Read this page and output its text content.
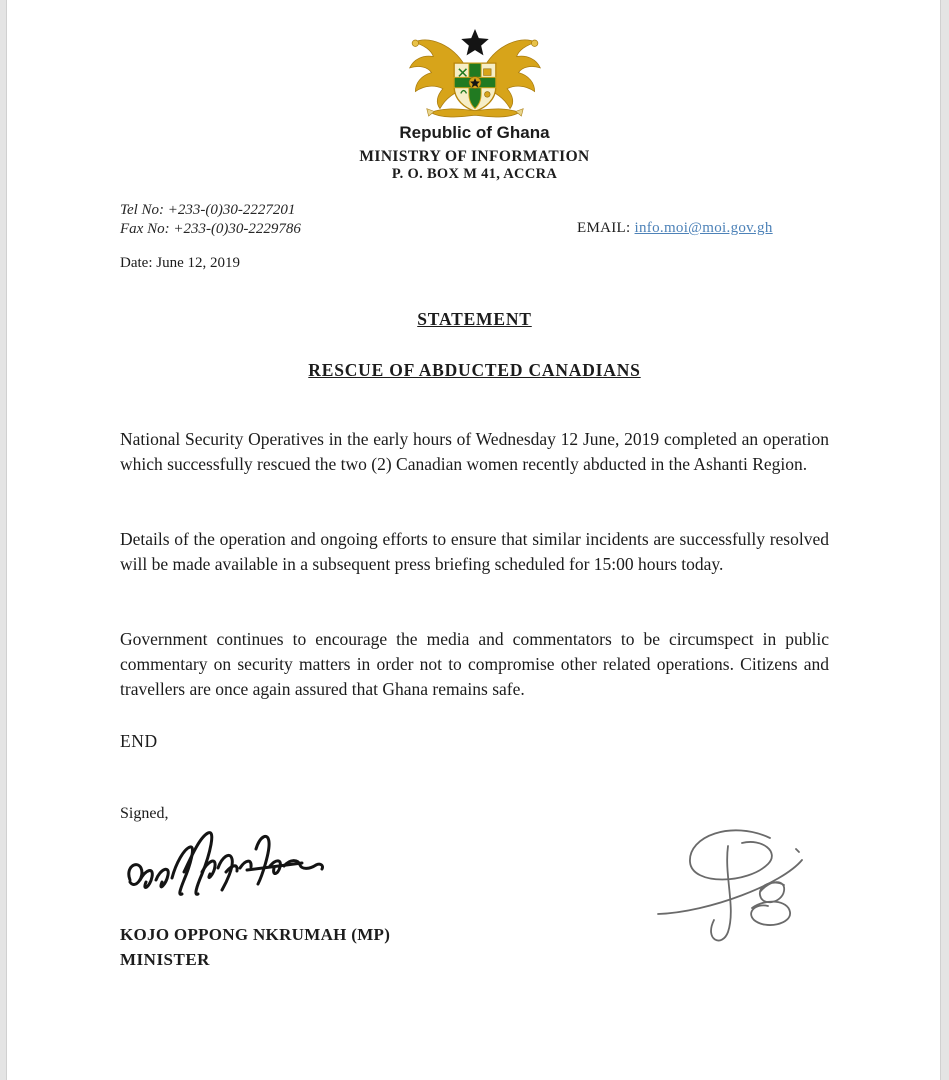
Republic of Ghana
MINISTRY OF INFORMATION
P. O. BOX M 41, ACCRA
Tel No: +233-(0)30-2227201
Fax No: +233-(0)30-2229786	EMAIL: info.moi@moi.gov.gh
Date: June 12, 2019
STATEMENT
RESCUE OF ABDUCTED CANADIANS

National Security Operatives in the early hours of Wednesday 12 June, 2019 completed an operation which successfully rescued the two (2) Canadian women recently abducted in the Ashanti Region.

Details of the operation and ongoing efforts to ensure that similar incidents are successfully resolved will be made available in a subsequent press briefing scheduled for 15:00 hours today.

Government continues to encourage the media and commentators to be circumspect in public commentary on security matters in order not to compromise other related operations. Citizens and travellers are once again assured that Ghana remains safe.

END
Signed,
KOJO OPPONG NKRUMAH (MP)
MINISTER
